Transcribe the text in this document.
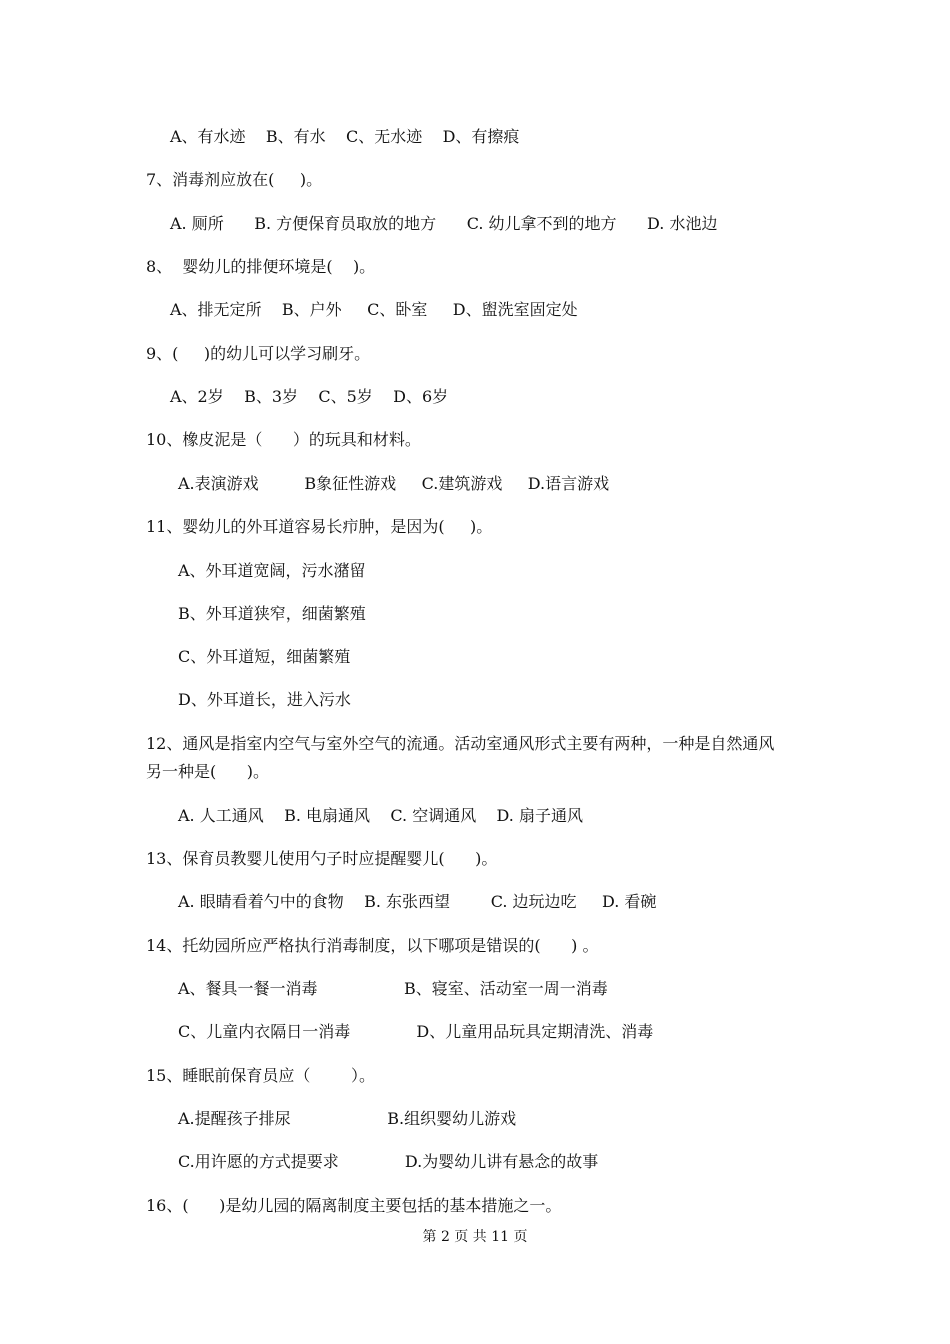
A、有水迹    B、有水    C、无水迹    D、有擦痕
7、消毒剂应放在(     )。
A. 厕所      B. 方便保育员取放的地方      C. 幼儿拿不到的地方      D. 水池边
8、  婴幼儿的排便环境是(    )。
A、排无定所    B、户外     C、卧室     D、盥洗室固定处
9、(     )的幼儿可以学习刷牙。
A、2岁    B、3岁    C、5岁    D、6岁
10、橡皮泥是（      ）的玩具和材料。
A.表演游戏         B象征性游戏     C.建筑游戏     D.语言游戏
11、婴幼儿的外耳道容易长疖肿，是因为(     )。
A、外耳道宽阔，污水潴留
B、外耳道狭窄，细菌繁殖
C、外耳道短，细菌繁殖
D、外耳道长，进入污水
12、通风是指室内空气与室外空气的流通。活动室通风形式主要有两种，一种是自然通风
另一种是(      )。
A. 人工通风    B. 电扇通风    C. 空调通风    D. 扇子通风
13、保育员教婴儿使用勺子时应提醒婴儿(      )。
A. 眼睛看着勺中的食物    B. 东张西望        C. 边玩边吃     D. 看碗
14、托幼园所应严格执行消毒制度，以下哪项是错误的(      ) 。
A、餐具一餐一消毒                 B、寝室、活动室一周一消毒
C、儿童内衣隔日一消毒             D、儿童用品玩具定期清洗、消毒
15、睡眠前保育员应（        ）。
A.提醒孩子排尿                   B.组织婴幼儿游戏
C.用许愿的方式提要求             D.为婴幼儿讲有悬念的故事
16、(      )是幼儿园的隔离制度主要包括的基本措施之一。
第 2 页 共 11 页
